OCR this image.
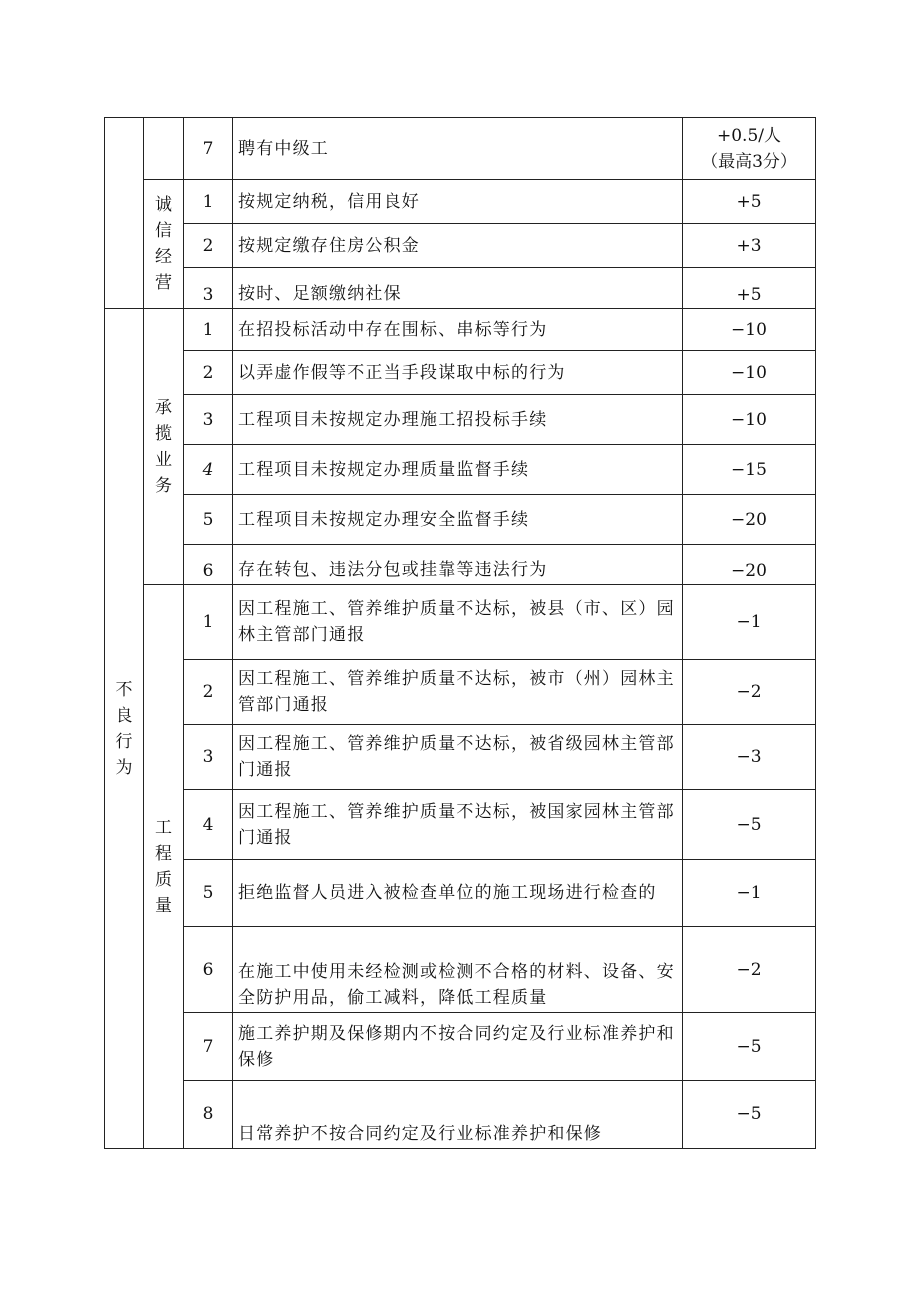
		7	聘有中级工	+0.5/人
（最高3分）

	诚信经营	1	按规定纳税，信用良好	+5
		2	按规定缴存住房公积金	+3
		3	按时、足额缴纳社保	+5
不良行为	承揽业务	1	在招投标活动中存在围标、串标等行为	−10
		2	以弄虚作假等不正当手段谋取中标的行为	−10
		3	工程项目未按规定办理施工招投标手续	−10
		4	工程项目未按规定办理质量监督手续	−15
		5	工程项目未按规定办理安全监督手续	−20
		6	存在转包、违法分包或挂靠等违法行为	−20
	工程质量	1	因工程施工、管养维护质量不达标，被县（市、区）园林主管部门通报	−1
		2	因工程施工、管养维护质量不达标，被市（州）园林主管部门通报	−2
		3	因工程施工、管养维护质量不达标，被省级园林主管部门通报	−3
		4	因工程施工、管养维护质量不达标，被国家园林主管部门通报	−5
		5	拒绝监督人员进入被检查单位的施工现场进行检查的	−1
		6	在施工中使用未经检测或检测不合格的材料、设备、安全防护用品，偷工减料，降低工程质量	−2
		7	施工养护期及保修期内不按合同约定及行业标准养护和保修	−5
		8	日常养护不按合同约定及行业标准养护和保修	−5
